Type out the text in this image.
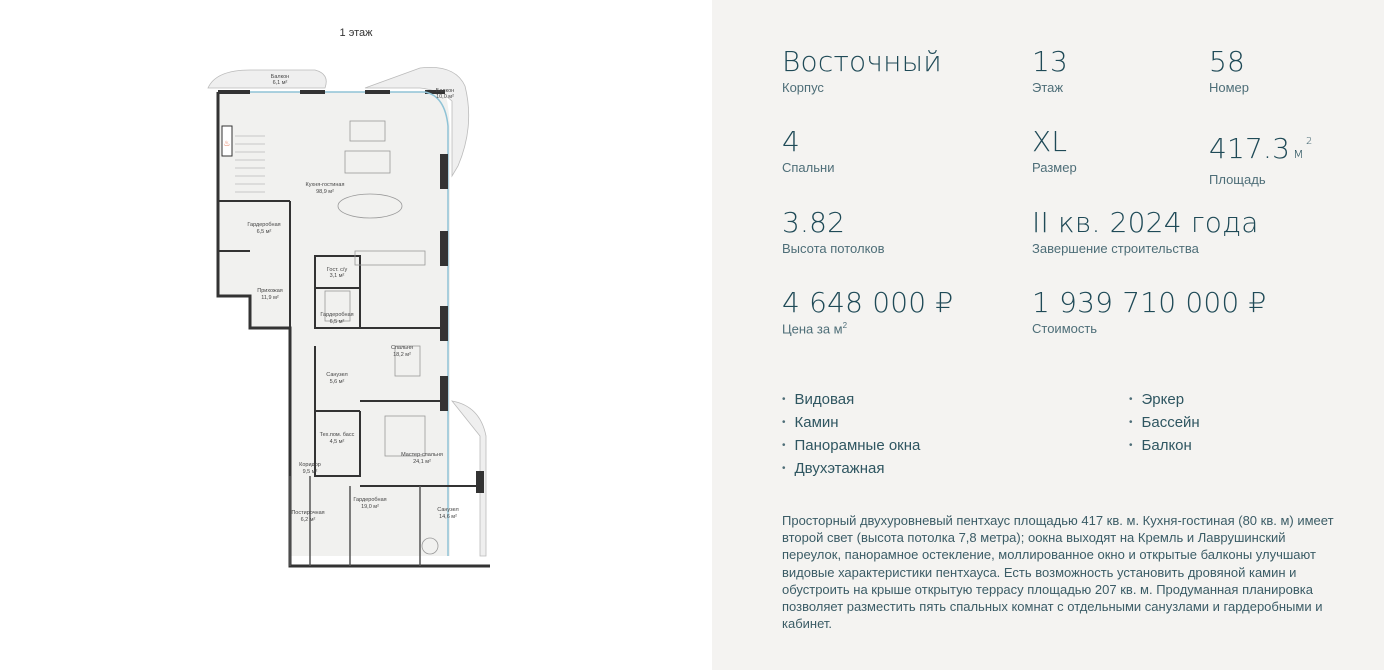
1 этаж
♨
Балкон
6,1 м²
Балкон
10,0 м²
Кухня-гостиная
98,9 м²
Гардеробная
6,5 м²
Гост. с/у
3,1 м²
Прихожая
11,9 м²
Гардеробная
6,5 м²
Спальня
18,2 м²
Санузел
5,6 м²
Тех.пом. басс
4,5 м²
Мастер-спальня
24,1 м²
Коридор
9,5 м²
Гардеробная
19,0 м²
Постирочная
6,2 м²
Санузел
14,6 м²
Восточный
Корпус
13
Этаж
58
Номер
4
Спальни
XL
Размер
417.3 $м^2$
Площадь
3.82
Высота потолков
II кв. 2024 года
Завершение строительства
4 648 000 ₽
Цена за $м^2$
1 939 710 000 ₽
Стоимость
• Видовая
• Камин
• Панорамные окна
• Двухэтажная
• Эркер
• Бассейн
• Балкон

Просторный двухуровневый пентхаус площадью 417 кв. м. Кухня-гостиная (80 кв. м) имеет второй свет (высота потолка 7,8 метра); оокна выходят на Кремль и Лаврушинский переулок, панорамное остекление, моллированное окно и открытые балконы улучшают видовые характеристики пентхауса. Есть возможность установить дровяной камин и обустроить на крыше открытую террасу площадью 207 кв. м. Продуманная планировка позволяет разместить пять спальных комнат с отдельными санузлами и гардеробными и кабинет.
